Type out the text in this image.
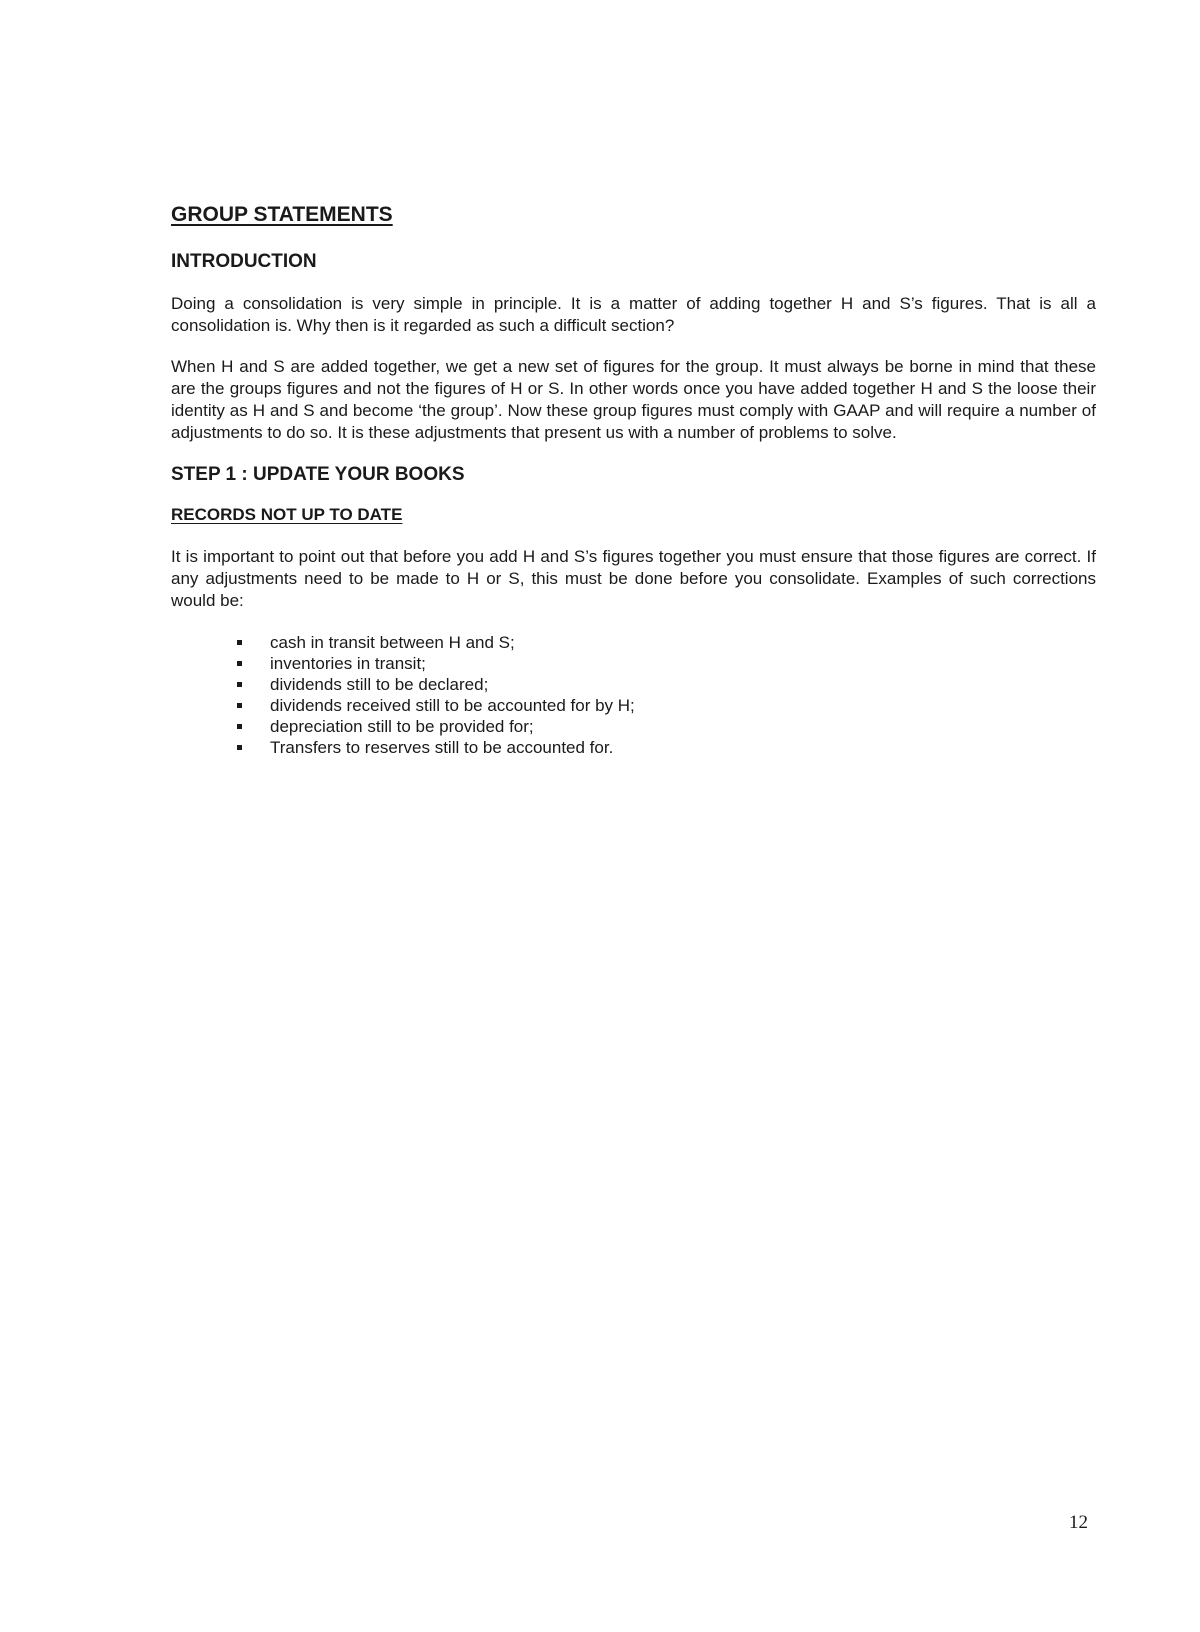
GROUP STATEMENTS
INTRODUCTION

Doing a consolidation is very simple in principle. It is a matter of adding together H and S’s figures. That is all a consolidation is. Why then is it regarded as such a difficult section?

When H and S are added together, we get a new set of figures for the group. It must always be borne in mind that these are the groups figures and not the figures of H or S. In other words once you have added together H and S the loose their identity as H and S and become ‘the group’. Now these group figures must comply with GAAP and will require a number of adjustments to do so. It is these adjustments that present us with a number of problems to solve.

STEP 1 : UPDATE YOUR BOOKS
RECORDS NOT UP TO DATE

It is important to point out that before you add H and S’s figures together you must ensure that those figures are correct. If any adjustments need to be made to H or S, this must be done before you consolidate. Examples of such corrections would be:

cash in transit between H and S;
inventories in transit;
dividends still to be declared;
dividends received still to be accounted for by H;
depreciation still to be provided for;
Transfers to reserves still to be accounted for.
12
